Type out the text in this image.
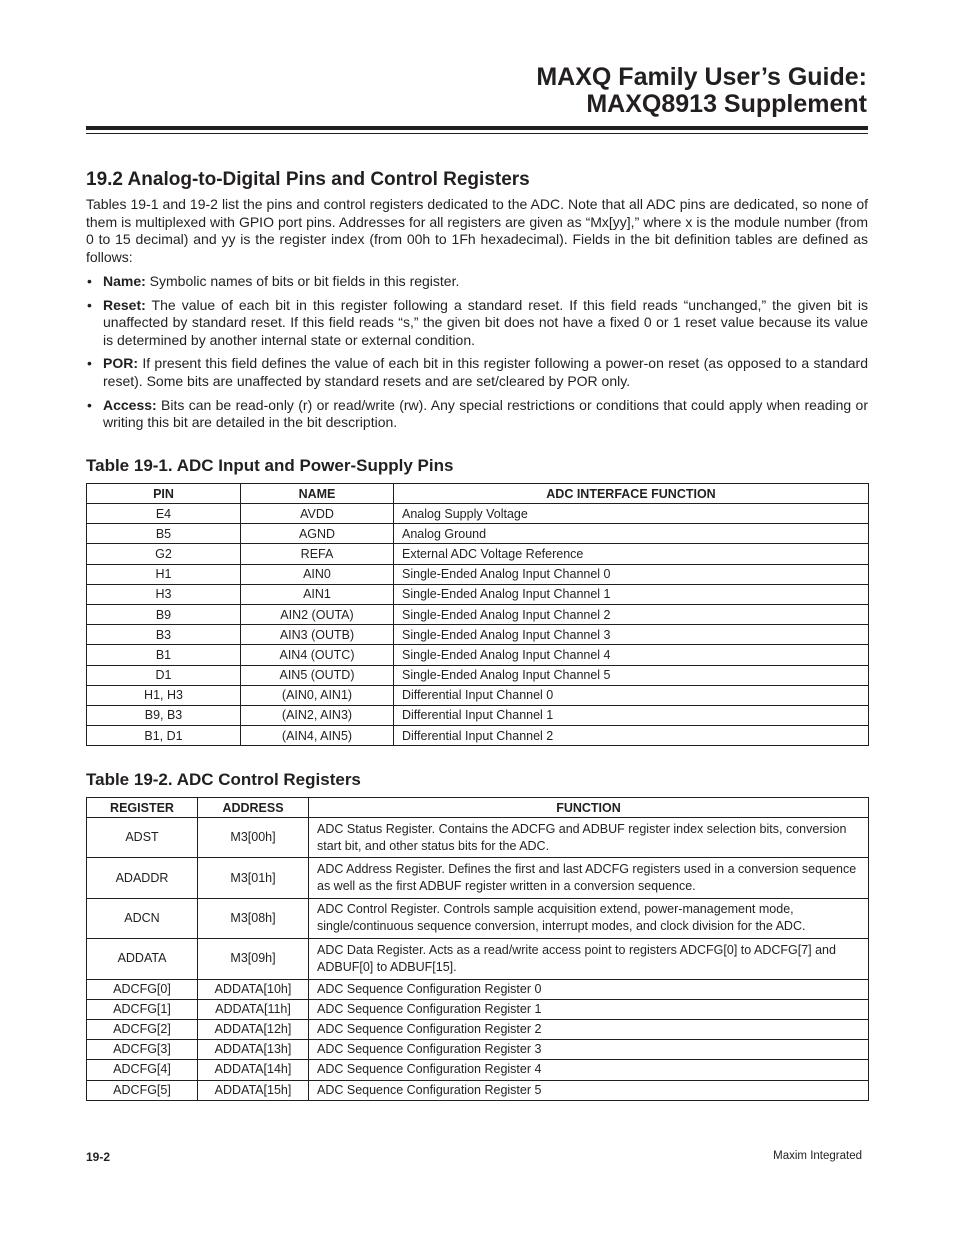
MAXQ Family User’s Guide:
MAXQ8913 Supplement
19.2 Analog-to-Digital Pins and Control Registers

Tables 19-1 and 19-2 list the pins and control registers dedicated to the ADC. Note that all ADC pins are dedicated, so none of them is multiplexed with GPIO port pins. Addresses for all registers are given as “Mx[yy],” where x is the module number (from 0 to 15 decimal) and yy is the register index (from 00h to 1Fh hexadecimal). Fields in the bit definition tables are defined as follows:

• Name: Symbolic names of bits or bit fields in this register.
• Reset: The value of each bit in this register following a standard reset. If this field reads “unchanged,” the given bit is unaffected by standard reset. If this field reads “s,” the given bit does not have a fixed 0 or 1 reset value because its value is determined by another internal state or external condition.
• POR: If present this field defines the value of each bit in this register following a power-on reset (as opposed to a standard reset). Some bits are unaffected by standard resets and are set/cleared by POR only.
• Access: Bits can be read-only (r) or read/write (rw). Any special restrictions or conditions that could apply when reading or writing this bit are detailed in the bit description.
Table 19-1. ADC Input and Power-Supply Pins
PIN	NAME	ADC INTERFACE FUNCTION
E4	AVDD	Analog Supply Voltage
B5	AGND	Analog Ground
G2	REFA	External ADC Voltage Reference
H1	AIN0	Single-Ended Analog Input Channel 0
H3	AIN1	Single-Ended Analog Input Channel 1
B9	AIN2 (OUTA)	Single-Ended Analog Input Channel 2
B3	AIN3 (OUTB)	Single-Ended Analog Input Channel 3
B1	AIN4 (OUTC)	Single-Ended Analog Input Channel 4
D1	AIN5 (OUTD)	Single-Ended Analog Input Channel 5
H1, H3	(AIN0, AIN1)	Differential Input Channel 0
B9, B3	(AIN2, AIN3)	Differential Input Channel 1
B1, D1	(AIN4, AIN5)	Differential Input Channel 2
Table 19-2. ADC Control Registers
REGISTER	ADDRESS	FUNCTION
ADST	M3[00h]	ADC Status Register. Contains the ADCFG and ADBUF register index selection bits, conversion start bit, and other status bits for the ADC.
ADADDR	M3[01h]	ADC Address Register. Defines the first and last ADCFG registers used in a conversion sequence as well as the first ADBUF register written in a conversion sequence.
ADCN	M3[08h]	ADC Control Register. Controls sample acquisition extend, power-management mode, single/continuous sequence conversion, interrupt modes, and clock division for the ADC.
ADDATA	M3[09h]	ADC Data Register. Acts as a read/write access point to registers ADCFG[0] to ADCFG[7] and ADBUF[0] to ADBUF[15].
ADCFG[0]	ADDATA[10h]	ADC Sequence Configuration Register 0
ADCFG[1]	ADDATA[11h]	ADC Sequence Configuration Register 1
ADCFG[2]	ADDATA[12h]	ADC Sequence Configuration Register 2
ADCFG[3]	ADDATA[13h]	ADC Sequence Configuration Register 3
ADCFG[4]	ADDATA[14h]	ADC Sequence Configuration Register 4
ADCFG[5]	ADDATA[15h]	ADC Sequence Configuration Register 5
19-2	Maxim Integrated
